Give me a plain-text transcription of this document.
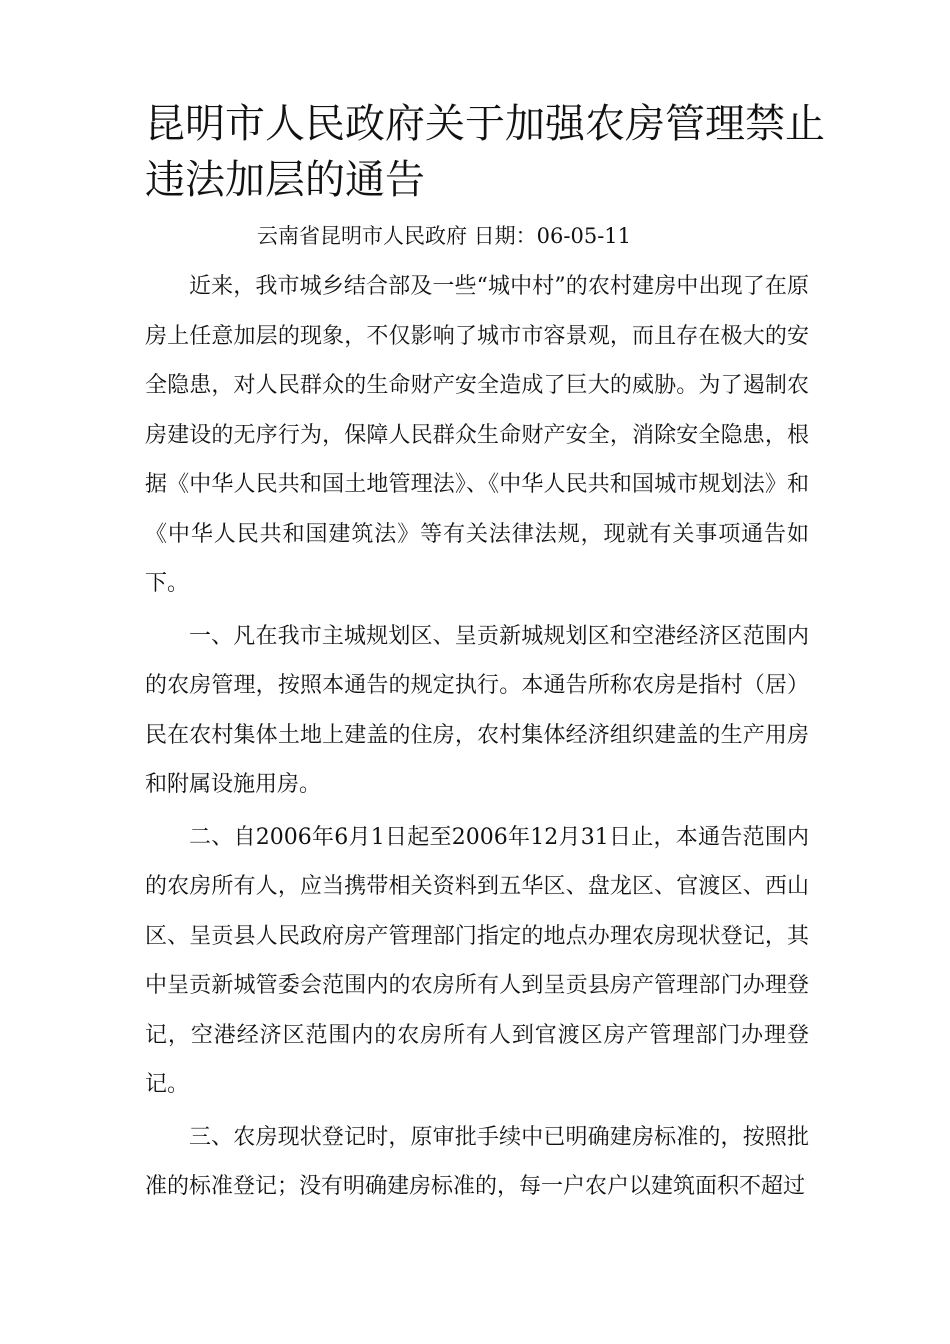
昆明市人民政府关于加强农房管理禁止违法加层的通告
云南省昆明市人民政府 日期：06-05-11

近来，我市城乡结合部及一些“城中村”的农村建房中出现了在原房上任意加层的现象，不仅影响了城市市容景观，而且存在极大的安全隐患，对人民群众的生命财产安全造成了巨大的威胁。为了遏制农房建设的无序行为，保障人民群众生命财产安全，消除安全隐患，根据《中华人民共和国土地管理法》、《中华人民共和国城市规划法》和《中华人民共和国建筑法》等有关法律法规，现就有关事项通告如下。

一、凡在我市主城规划区、呈贡新城规划区和空港经济区范围内的农房管理，按照本通告的规定执行。本通告所称农房是指村（居）民在农村集体土地上建盖的住房，农村集体经济组织建盖的生产用房和附属设施用房。

二、自2006年6月1日起至2006年12月31日止，本通告范围内的农房所有人，应当携带相关资料到五华区、盘龙区、官渡区、西山区、呈贡县人民政府房产管理部门指定的地点办理农房现状登记，其中呈贡新城管委会范围内的农房所有人到呈贡县房产管理部门办理登记，空港经济区范围内的农房所有人到官渡区房产管理部门办理登记。

三、农房现状登记时，原审批手续中已明确建房标准的，按照批准的标准登记；没有明确建房标准的，每一户农户以建筑面积不超过
